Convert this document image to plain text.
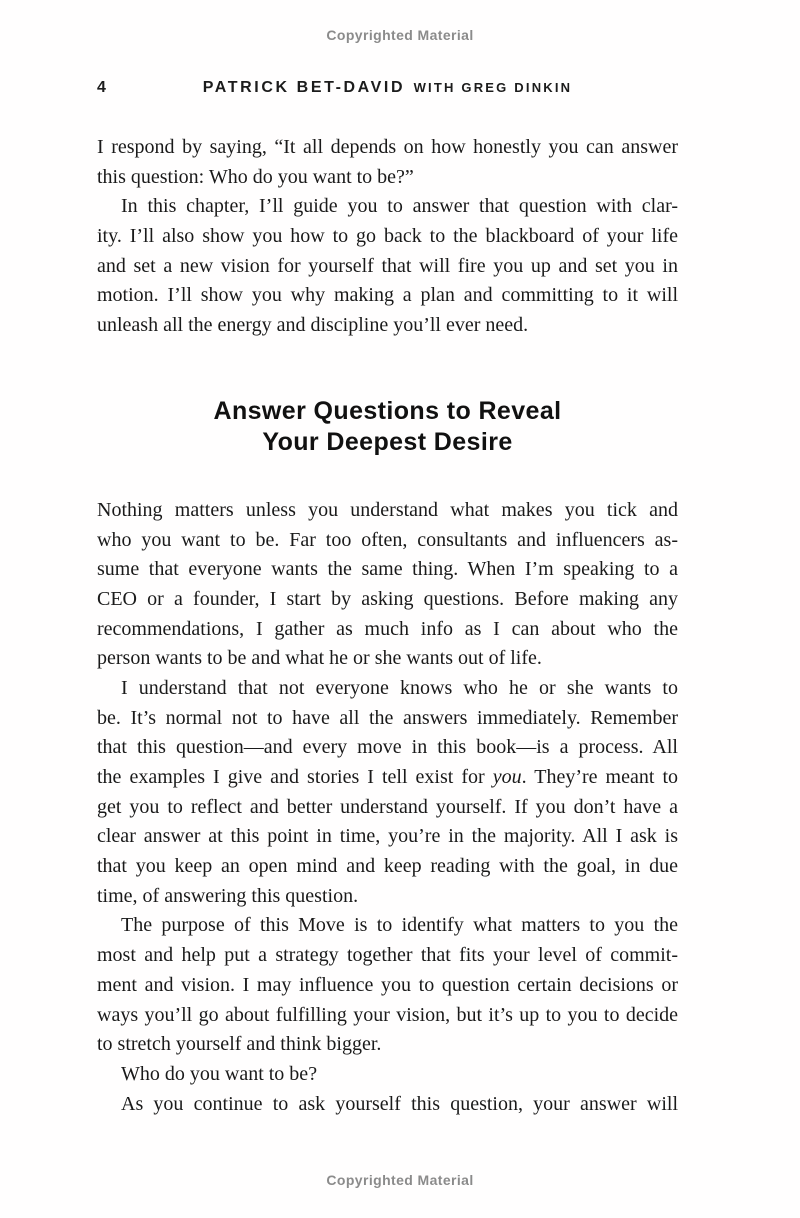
Copyrighted Material
4	PATRICK BET-DAVID WITH GREG DINKIN
I respond by saying, “It all depends on how honestly you can answer
this question: Who do you want to be?”
In this chapter, I’ll guide you to answer that question with clar-
ity. I’ll also show you how to go back to the blackboard of your life
and set a new vision for yourself that will fire you up and set you in
motion. I’ll show you why making a plan and committing to it will
unleash all the energy and discipline you’ll ever need.
Answer Questions to Reveal
Your Deepest Desire
Nothing matters unless you understand what makes you tick and
who you want to be. Far too often, consultants and influencers as-
sume that everyone wants the same thing. When I’m speaking to a
CEO or a founder, I start by asking questions. Before making any
recommendations, I gather as much info as I can about who the
person wants to be and what he or she wants out of life.
I understand that not everyone knows who he or she wants to
be. It’s normal not to have all the answers immediately. Remember
that this question—and every move in this book—is a process. All
the examples I give and stories I tell exist for you. They’re meant to
get you to reflect and better understand yourself. If you don’t have a
clear answer at this point in time, you’re in the majority. All I ask is
that you keep an open mind and keep reading with the goal, in due
time, of answering this question.
The purpose of this Move is to identify what matters to you the
most and help put a strategy together that fits your level of commit-
ment and vision. I may influence you to question certain decisions or
ways you’ll go about fulfilling your vision, but it’s up to you to decide
to stretch yourself and think bigger.
Who do you want to be?
As you continue to ask yourself this question, your answer will
Copyrighted Material
